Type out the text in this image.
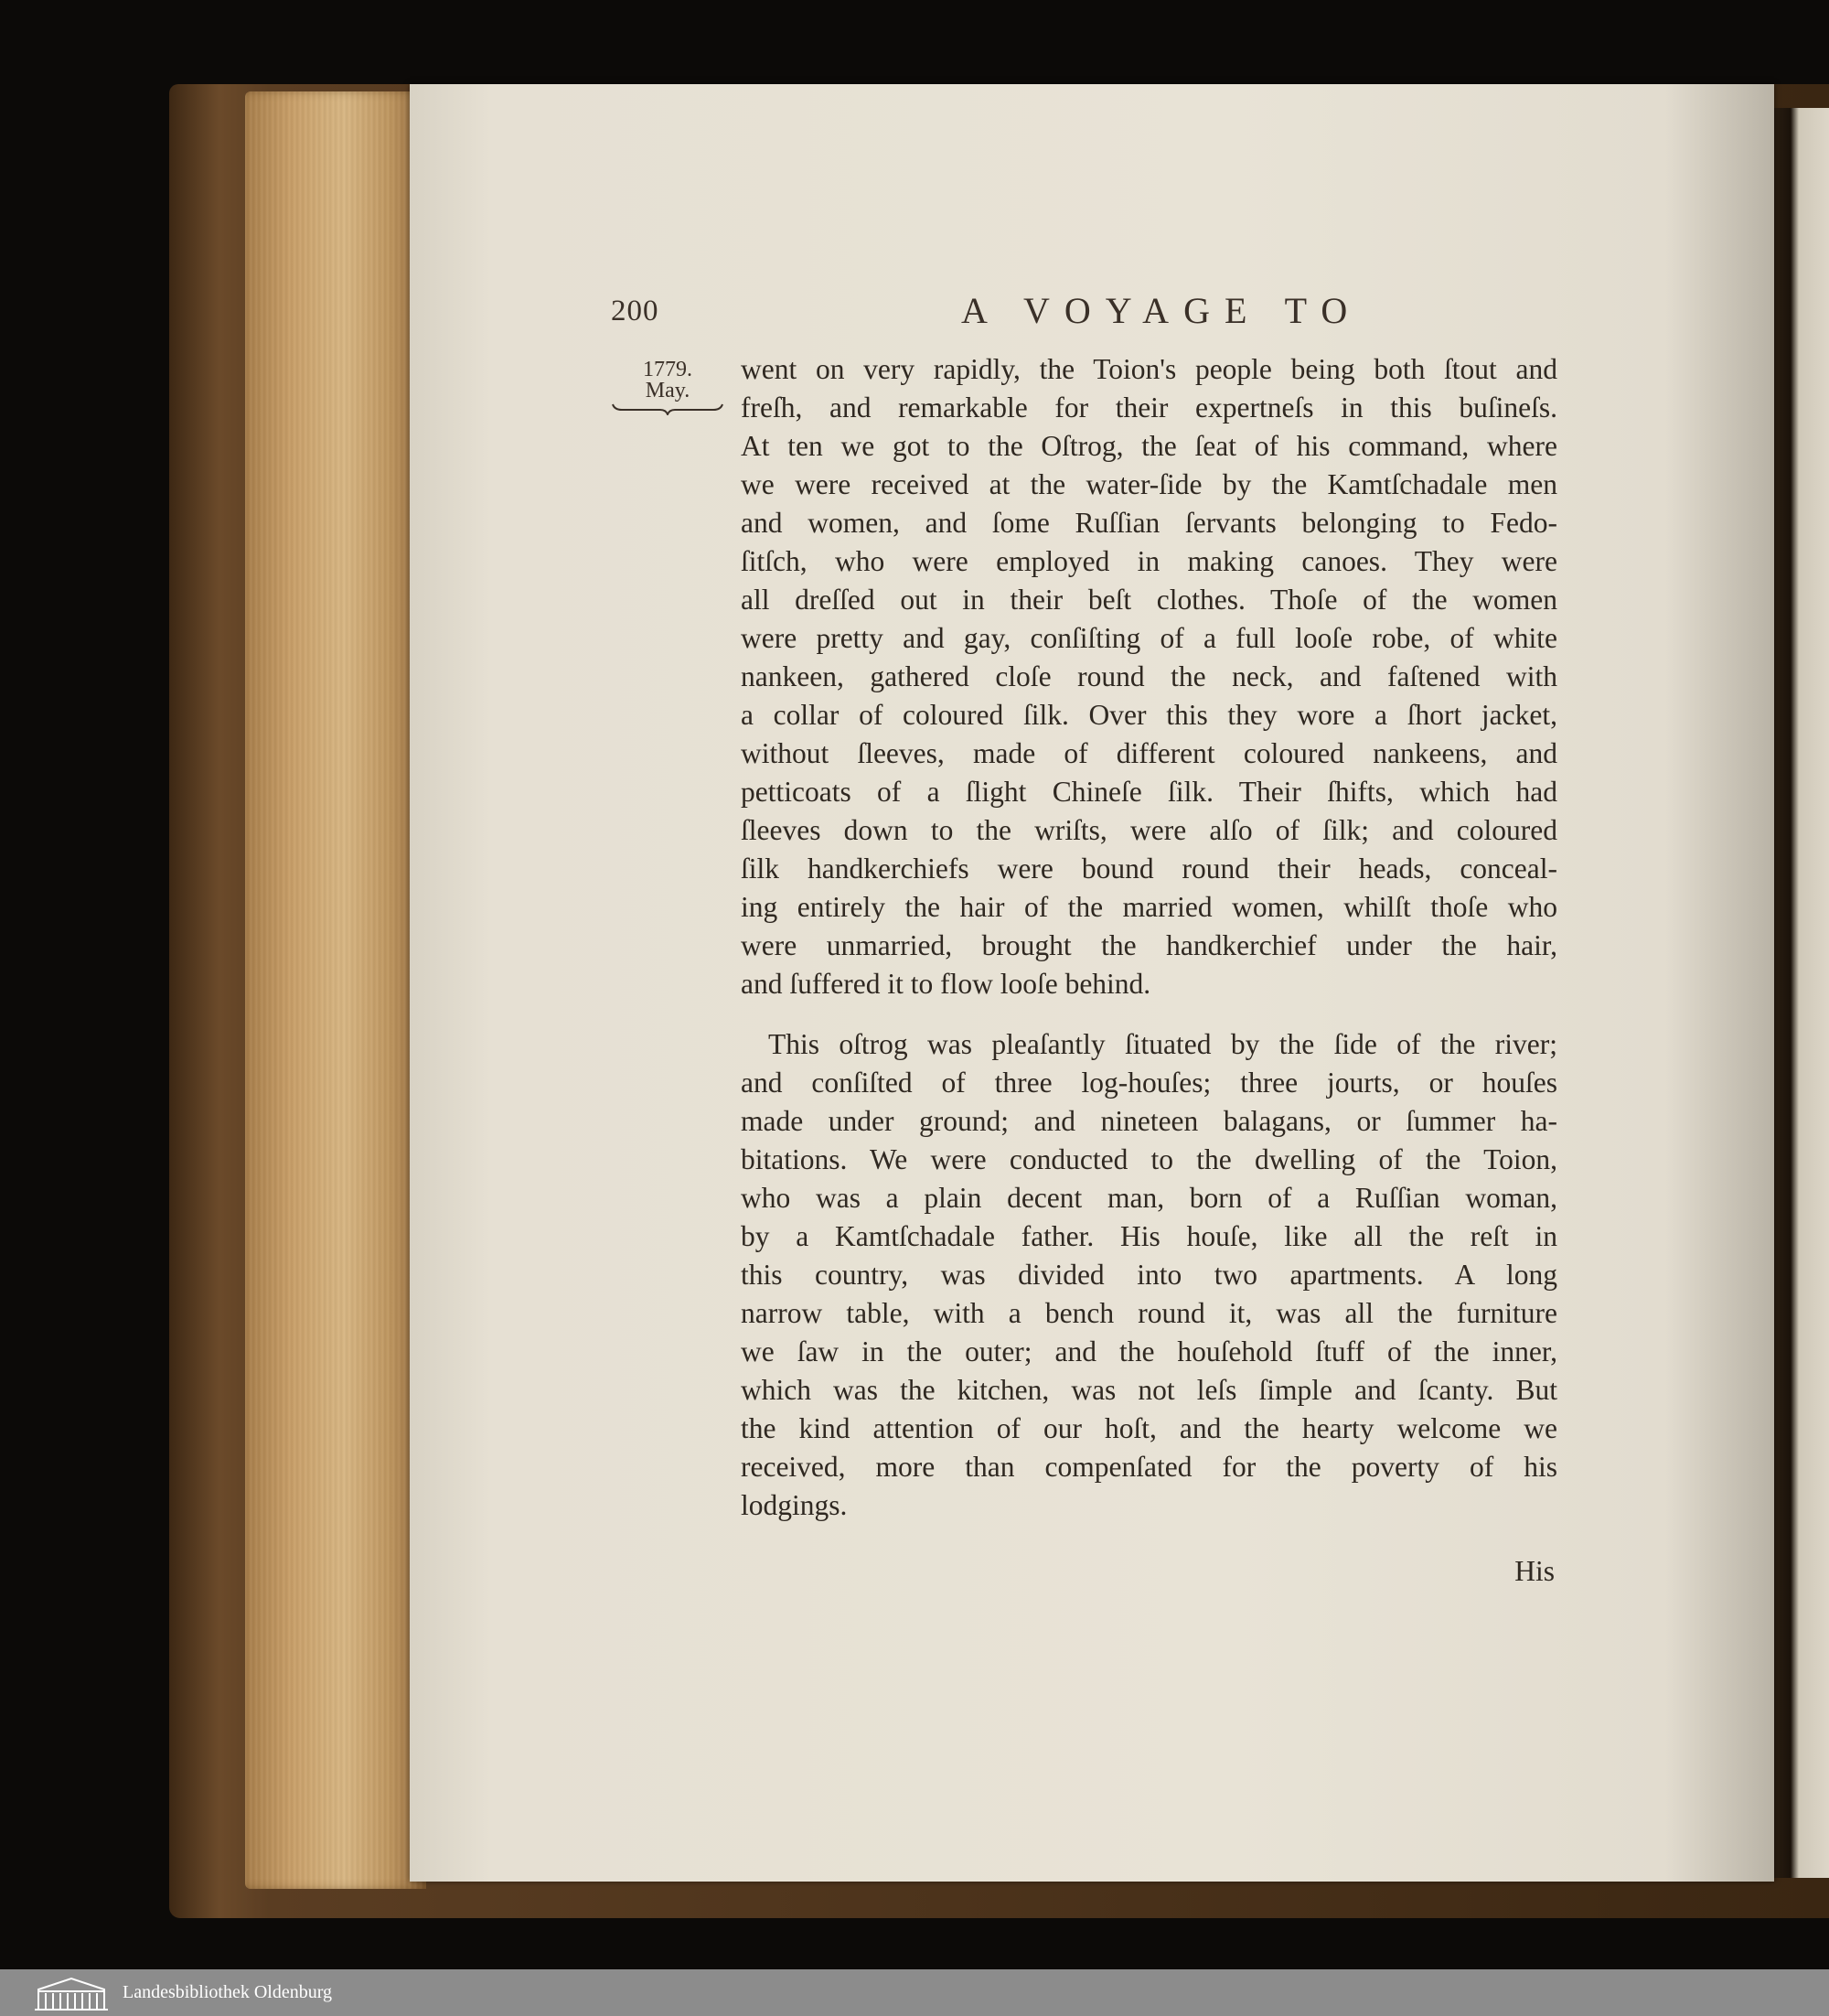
200	A VOYAGE TO
1779.
May.
went on very rapidly, the Toion's people being both ſtout and
freſh, and remarkable for their expertneſs in this buſineſs.
At ten we got to the Oſtrog, the ſeat of his command, where
we were received at the water-ſide by the Kamtſchadale men
and women, and ſome Ruſſian ſervants belonging to Fedo-
ſitſch, who were employed in making canoes. They were
all dreſſed out in their beſt clothes. Thoſe of the women
were pretty and gay, conſiſting of a full looſe robe, of white
nankeen, gathered cloſe round the neck, and faſtened with
a collar of coloured ſilk. Over this they wore a ſhort jacket,
without ſleeves, made of different coloured nankeens, and
petticoats of a ſlight Chineſe ſilk. Their ſhifts, which had
ſleeves down to the wriſts, were alſo of ſilk; and coloured
ſilk handkerchiefs were bound round their heads, conceal-
ing entirely the hair of the married women, whilſt thoſe who
were unmarried, brought the handkerchief under the hair,
and ſuffered it to flow looſe behind.
This oſtrog was pleaſantly ſituated by the ſide of the river;
and conſiſted of three log-houſes; three jourts, or houſes
made under ground; and nineteen balagans, or ſummer ha-
bitations. We were conducted to the dwelling of the Toion,
who was a plain decent man, born of a Ruſſian woman,
by a Kamtſchadale father. His houſe, like all the reſt in
this country, was divided into two apartments. A long
narrow table, with a bench round it, was all the furniture
we ſaw in the outer; and the houſehold ſtuff of the inner,
which was the kitchen, was not leſs ſimple and ſcanty. But
the kind attention of our hoſt, and the hearty welcome we
received, more than compenſated for the poverty of his
lodgings.
His
Landesbibliothek Oldenburg
